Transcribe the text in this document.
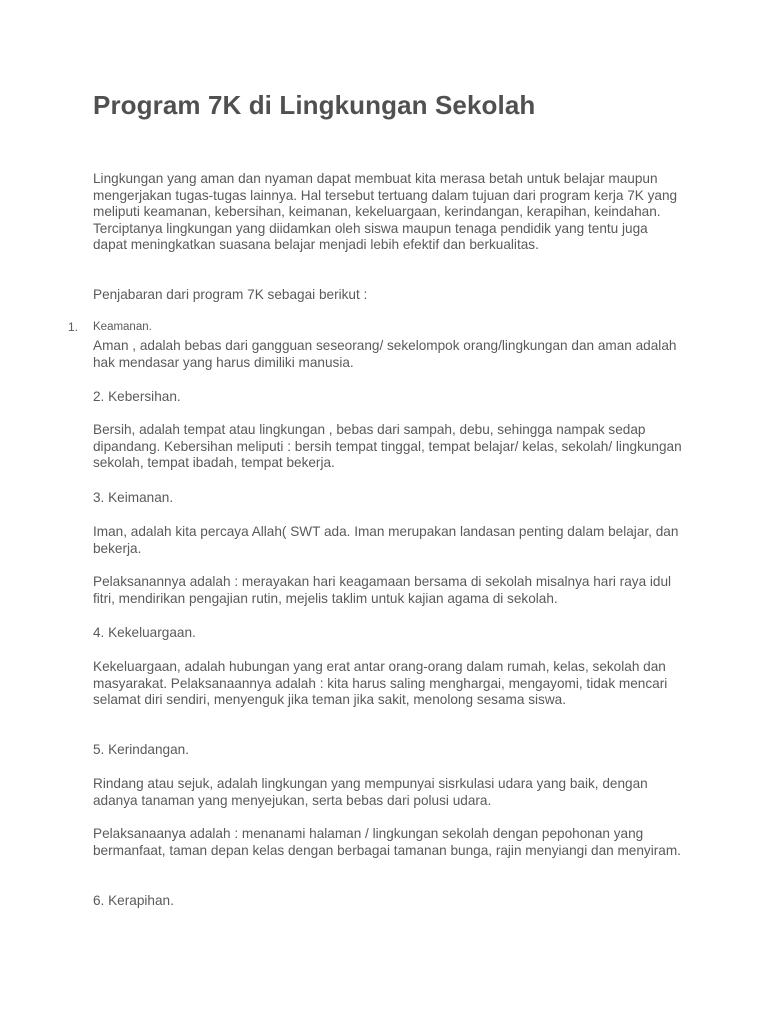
Program 7K di Lingkungan Sekolah

Lingkungan yang aman dan nyaman dapat membuat kita merasa betah untuk belajar maupun mengerjakan tugas-tugas lainnya. Hal tersebut tertuang dalam tujuan dari program kerja 7K yang meliputi keamanan, kebersihan, keimanan, kekeluargaan, kerindangan, kerapihan, keindahan. Terciptanya lingkungan yang diidamkan oleh siswa maupun tenaga pendidik yang tentu juga dapat meningkatkan suasana belajar menjadi lebih efektif dan berkualitas.

Penjabaran dari program 7K sebagai berikut :

1. Keamanan.

Aman , adalah bebas dari gangguan seseorang/ sekelompok orang/lingkungan dan aman adalah hak mendasar yang harus dimiliki manusia.

2. Kebersihan.

Bersih, adalah tempat atau lingkungan , bebas dari sampah, debu, sehingga nampak sedap dipandang. Kebersihan meliputi : bersih tempat tinggal, tempat belajar/ kelas, sekolah/ lingkungan sekolah, tempat ibadah, tempat bekerja.

3. Keimanan.

Iman, adalah kita percaya Allah( SWT ada. Iman merupakan landasan penting dalam belajar, dan bekerja.

Pelaksanannya adalah : merayakan hari keagamaan bersama di sekolah misalnya hari raya idul fitri, mendirikan pengajian rutin, mejelis taklim untuk kajian agama di sekolah.

4. Kekeluargaan.

Kekeluargaan, adalah hubungan yang erat antar orang-orang dalam rumah, kelas, sekolah dan masyarakat. Pelaksanaannya adalah : kita harus saling menghargai, mengayomi, tidak mencari selamat diri sendiri, menyenguk jika teman jika sakit, menolong sesama siswa.

5. Kerindangan.

Rindang atau sejuk, adalah lingkungan yang mempunyai sisrkulasi udara yang baik, dengan adanya tanaman yang menyejukan, serta bebas dari polusi udara.

Pelaksanaanya adalah : menanami halaman / lingkungan sekolah dengan pepohonan yang bermanfaat, taman depan kelas dengan berbagai tamanan bunga, rajin menyiangi dan menyiram.

6. Kerapihan.
